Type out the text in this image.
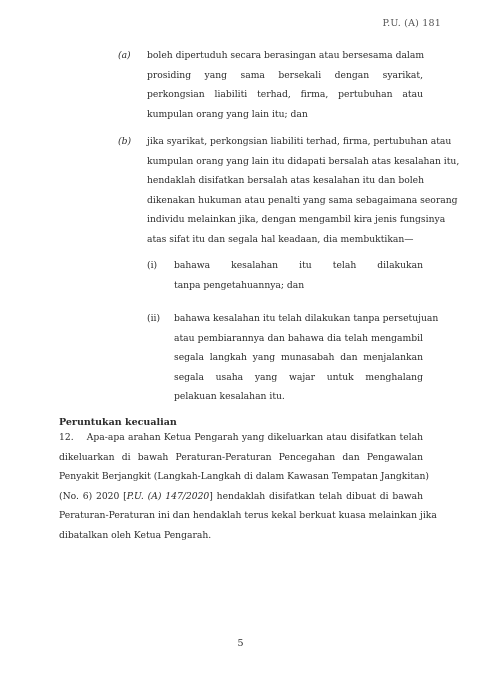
P.U. (A) 181
(a) boleh dipertuduh secara berasingan atau bersesama dalam
prosiding yang sama bersekali dengan syarikat,
perkongsian liabiliti terhad, firma, pertubuhan atau
kumpulan orang yang lain itu; dan
(b) jika syarikat, perkongsian liabiliti terhad, firma, pertubuhan atau
kumpulan orang yang lain itu didapati bersalah atas kesalahan itu,
hendaklah disifatkan bersalah atas kesalahan itu dan boleh
dikenakan hukuman atau penalti yang sama sebagaimana seorang
individu melainkan jika, dengan mengambil kira jenis fungsinya
atas sifat itu dan segala hal keadaan, dia membuktikan—
(i) bahawa kesalahan itu telah dilakukan
tanpa pengetahuannya; dan
(ii) bahawa kesalahan itu telah dilakukan tanpa persetujuan
atau pembiarannya dan bahawa dia telah mengambil
segala langkah yang munasabah dan menjalankan
segala usaha yang wajar untuk menghalang
pelakuan kesalahan itu.
Peruntukan kecualian
12. Apa-apa arahan Ketua Pengarah yang dikeluarkan atau disifatkan telah
dikeluarkan di bawah Peraturan-Peraturan Pencegahan dan Pengawalan
Penyakit Berjangkit (Langkah-Langkah di dalam Kawasan Tempatan Jangkitan)
(No. 6) 2020 [P.U. (A) 147/2020] hendaklah disifatkan telah dibuat di bawah
Peraturan-Peraturan ini dan hendaklah terus kekal berkuat kuasa melainkan jika
dibatalkan oleh Ketua Pengarah.
5
